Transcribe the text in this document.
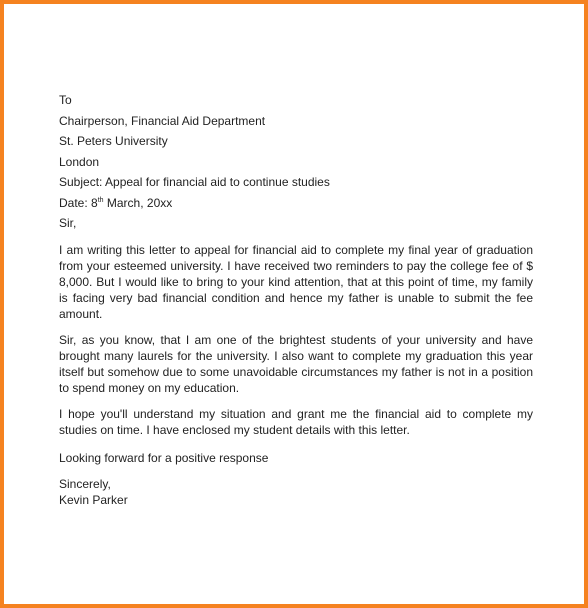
To
Chairperson, Financial Aid Department
St. Peters University
London
Subject: Appeal for financial aid to continue studies
Date: 8th March, 20xx
Sir,

I am writing this letter to appeal for financial aid to complete my final year of graduation from your esteemed university. I have received two reminders to pay the college fee of $ 8,000. But I would like to bring to your kind attention, that at this point of time, my family is facing very bad financial condition and hence my father is unable to submit the fee amount.

Sir, as you know, that I am one of the brightest students of your university and have brought many laurels for the university. I also want to complete my graduation this year itself but somehow due to some unavoidable circumstances my father is not in a position to spend money on my education.

I hope you'll understand my situation and grant me the financial aid to complete my studies on time. I have enclosed my student details with this letter.

Looking forward for a positive response
Sincerely,
Kevin Parker
